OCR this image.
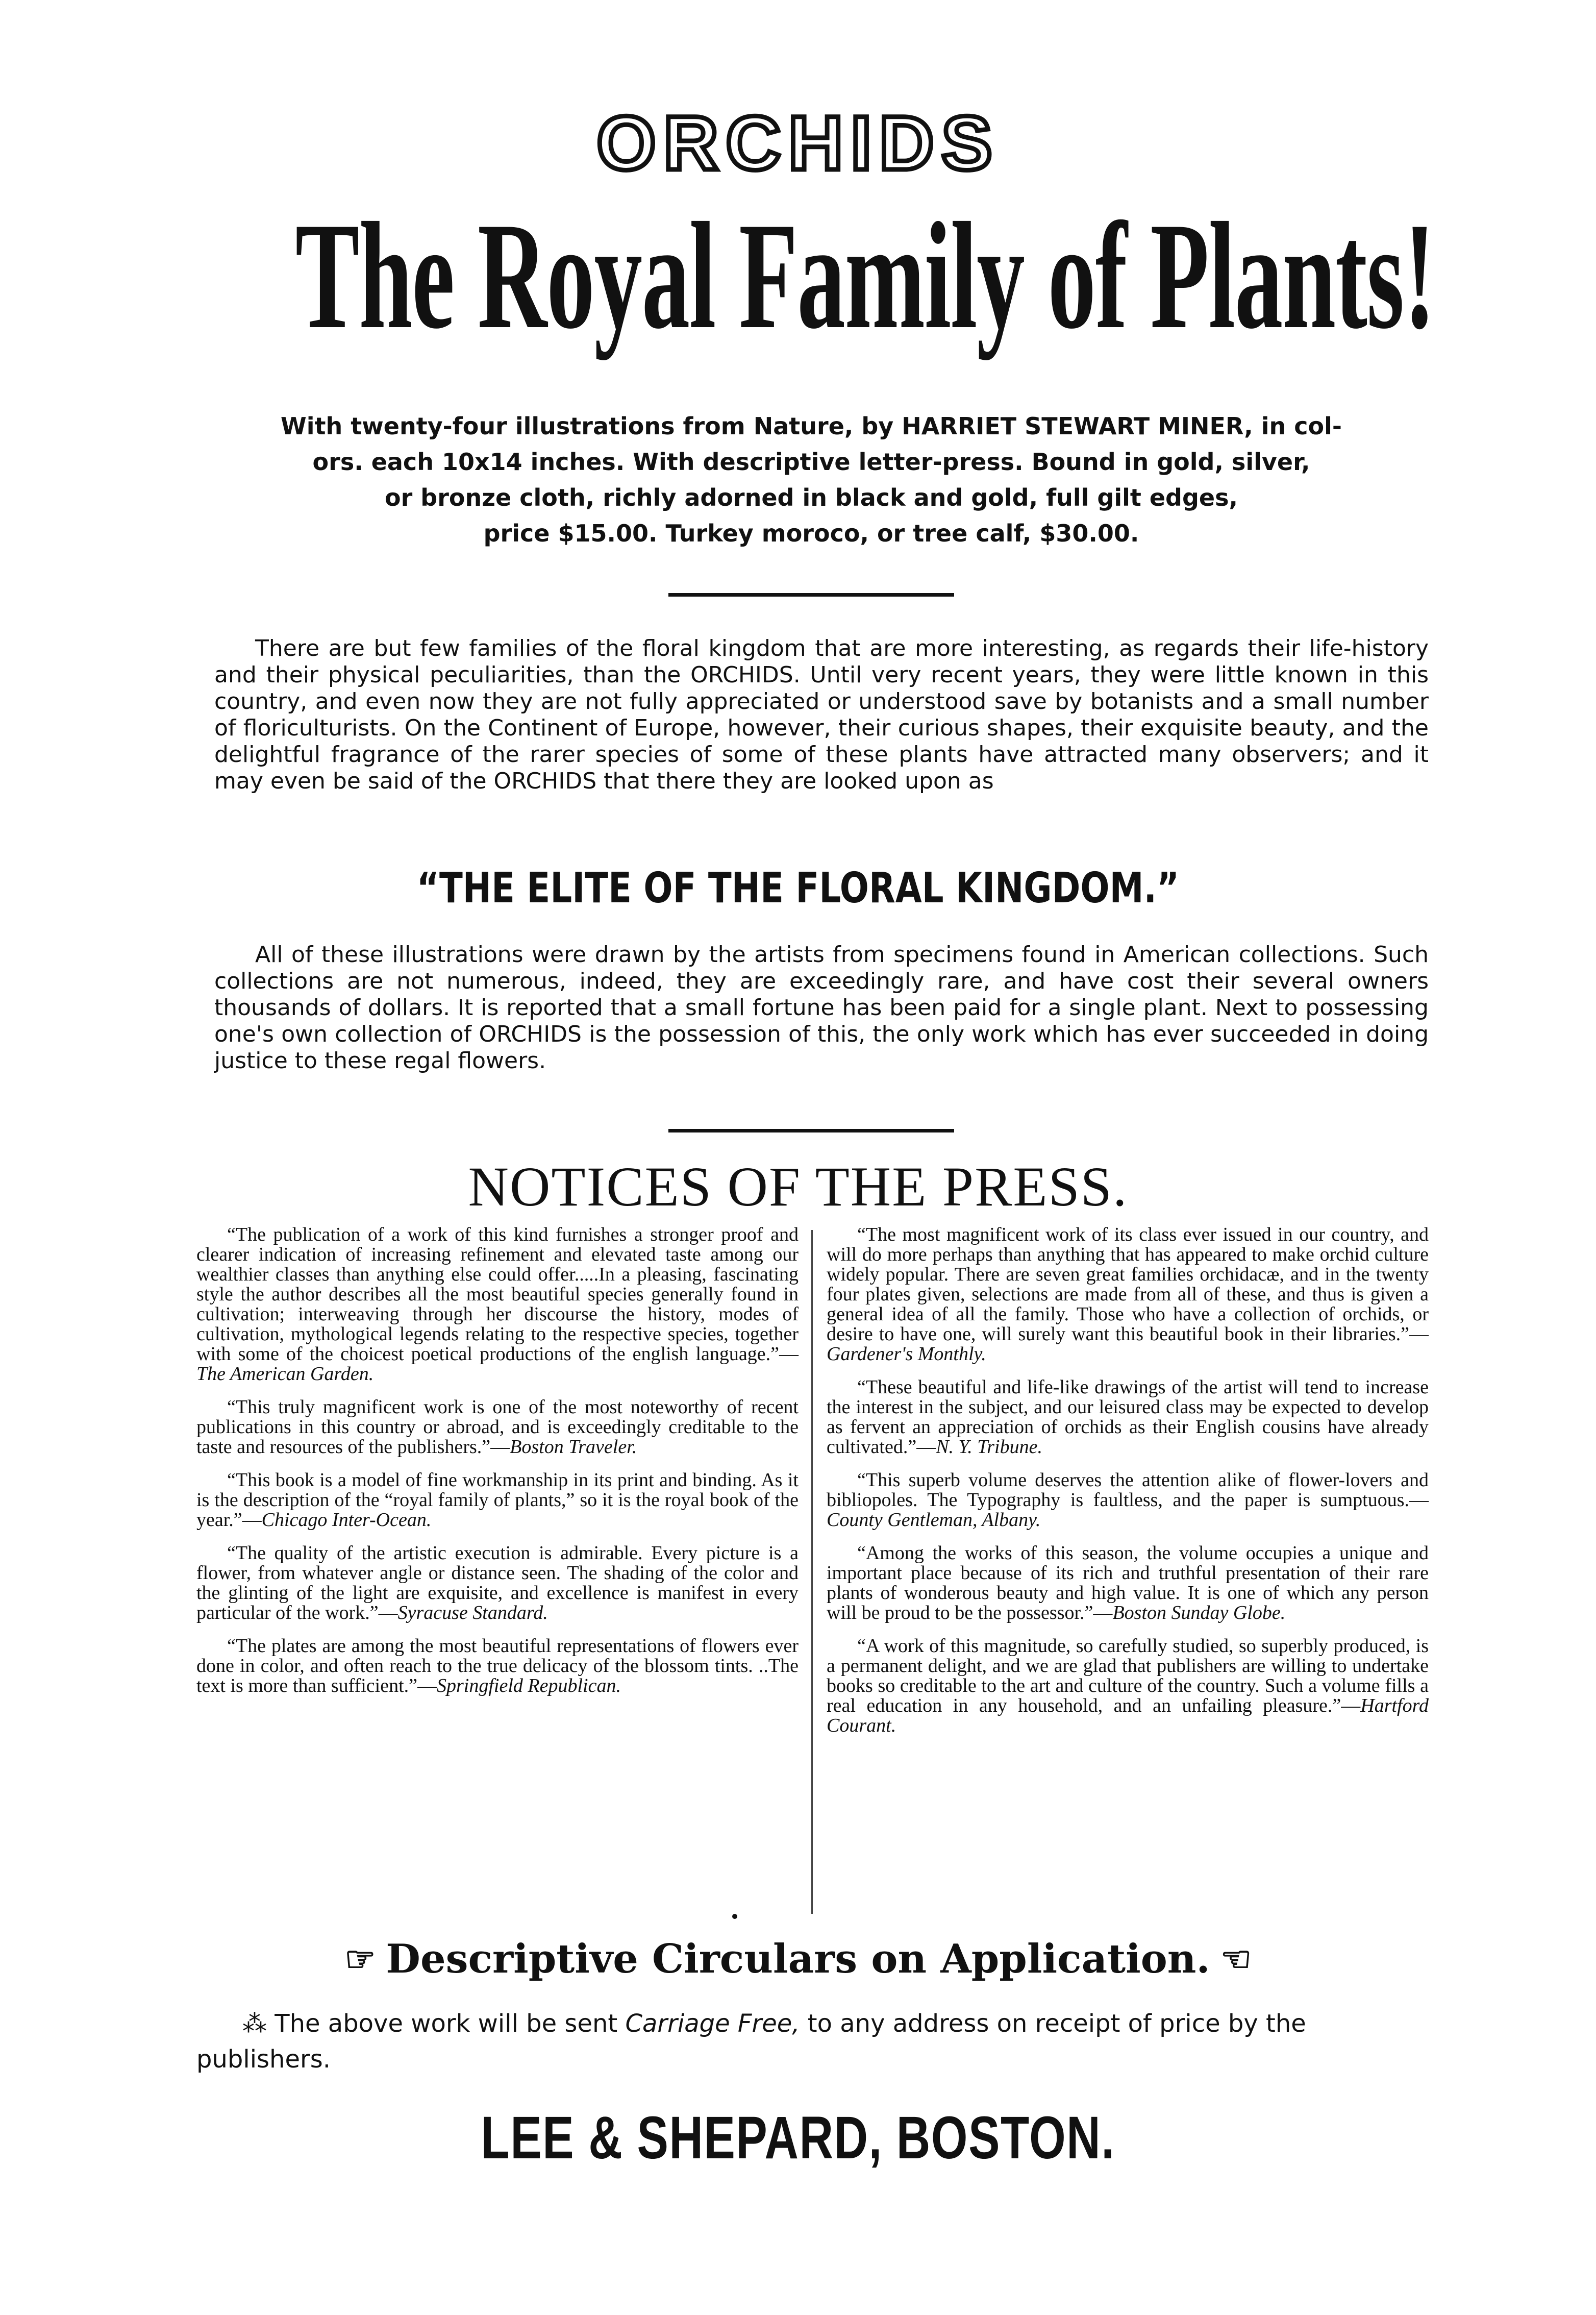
ORCHIDS
The Royal Family of Plants!

With twenty-four illustrations from Nature, by HARRIET STEWART MINER, in col-
ors. each 10x14 inches. With descriptive letter-press. Bound in gold, silver,
or bronze cloth, richly adorned in black and gold, full gilt edges,
price $15.00. Turkey moroco, or tree calf, $30.00.

There are but few families of the floral kingdom that are more interesting, as regards their life-history and their physical peculiarities, than the ORCHIDS. Until very recent years, they were little known in this country, and even now they are not fully appreciated or understood save by botanists and a small number of floriculturists. On the Continent of Europe, however, their curious shapes, their exquisite beauty, and the delightful fragrance of the rarer species of some of these plants have attracted many observers; and it may even be said of the ORCHIDS that there they are looked upon as

“THE ELITE OF THE FLORAL KINGDOM.”

All of these illustrations were drawn by the artists from specimens found in American collections. Such collections are not numerous, indeed, they are exceedingly rare, and have cost their several owners thousands of dollars. It is reported that a small fortune has been paid for a single plant. Next to possessing one's own collection of ORCHIDS is the possession of this, the only work which has ever succeeded in doing justice to these regal flowers.

NOTICES OF THE PRESS.

“The publication of a work of this kind furnishes a stronger proof and clearer indication of increasing refinement and elevated taste among our wealthier classes than anything else could offer.....In a pleasing, fascinating style the author describes all the most beautiful species generally found in cultivation; interweaving through her discourse the history, modes of cultivation, mythological legends relating to the respective species, together with some of the choicest poetical productions of the english language.”—The American Garden.

“This truly magnificent work is one of the most noteworthy of recent publications in this country or abroad, and is exceedingly creditable to the taste and resources of the publishers.”—Boston Traveler.

“This book is a model of fine workmanship in its print and binding. As it is the description of the “royal family of plants,” so it is the royal book of the year.”—Chicago Inter-Ocean.

“The quality of the artistic execution is admirable. Every picture is a flower, from whatever angle or distance seen. The shading of the color and the glinting of the light are exquisite, and excellence is manifest in every particular of the work.”—Syracuse Standard.

“The plates are among the most beautiful representations of flowers ever done in color, and often reach to the true delicacy of the blossom tints. ..The text is more than sufficient.”—Springfield Republican.

“The most magnificent work of its class ever issued in our country, and will do more perhaps than anything that has appeared to make orchid culture widely popular. There are seven great families orchidacæ, and in the twenty four plates given, selections are made from all of these, and thus is given a general idea of all the family. Those who have a collection of orchids, or desire to have one, will surely want this beautiful book in their libraries.”—Gardener's Monthly.

“These beautiful and life-like drawings of the artist will tend to increase the interest in the subject, and our leisured class may be expected to develop as fervent an appreciation of orchids as their English cousins have already cultivated.”—N. Y. Tribune.

“This superb volume deserves the attention alike of flower-lovers and bibliopoles. The Typography is faultless, and the paper is sumptuous.—County Gentleman, Albany.

“Among the works of this season, the volume occupies a unique and important place because of its rich and truthful presentation of their rare plants of wonderous beauty and high value. It is one of which any person will be proud to be the possessor.”—Boston Sunday Globe.

“A work of this magnitude, so carefully studied, so superbly produced, is a permanent delight, and we are glad that publishers are willing to undertake books so creditable to the art and culture of the country. Such a volume fills a real education in any household, and an unfailing pleasure.”—Hartford Courant.

☞ Descriptive Circulars on Application. ☞

⁂ The above work will be sent Carriage Free, to any address on receipt of price by the publishers.

LEE & SHEPARD, BOSTON.
